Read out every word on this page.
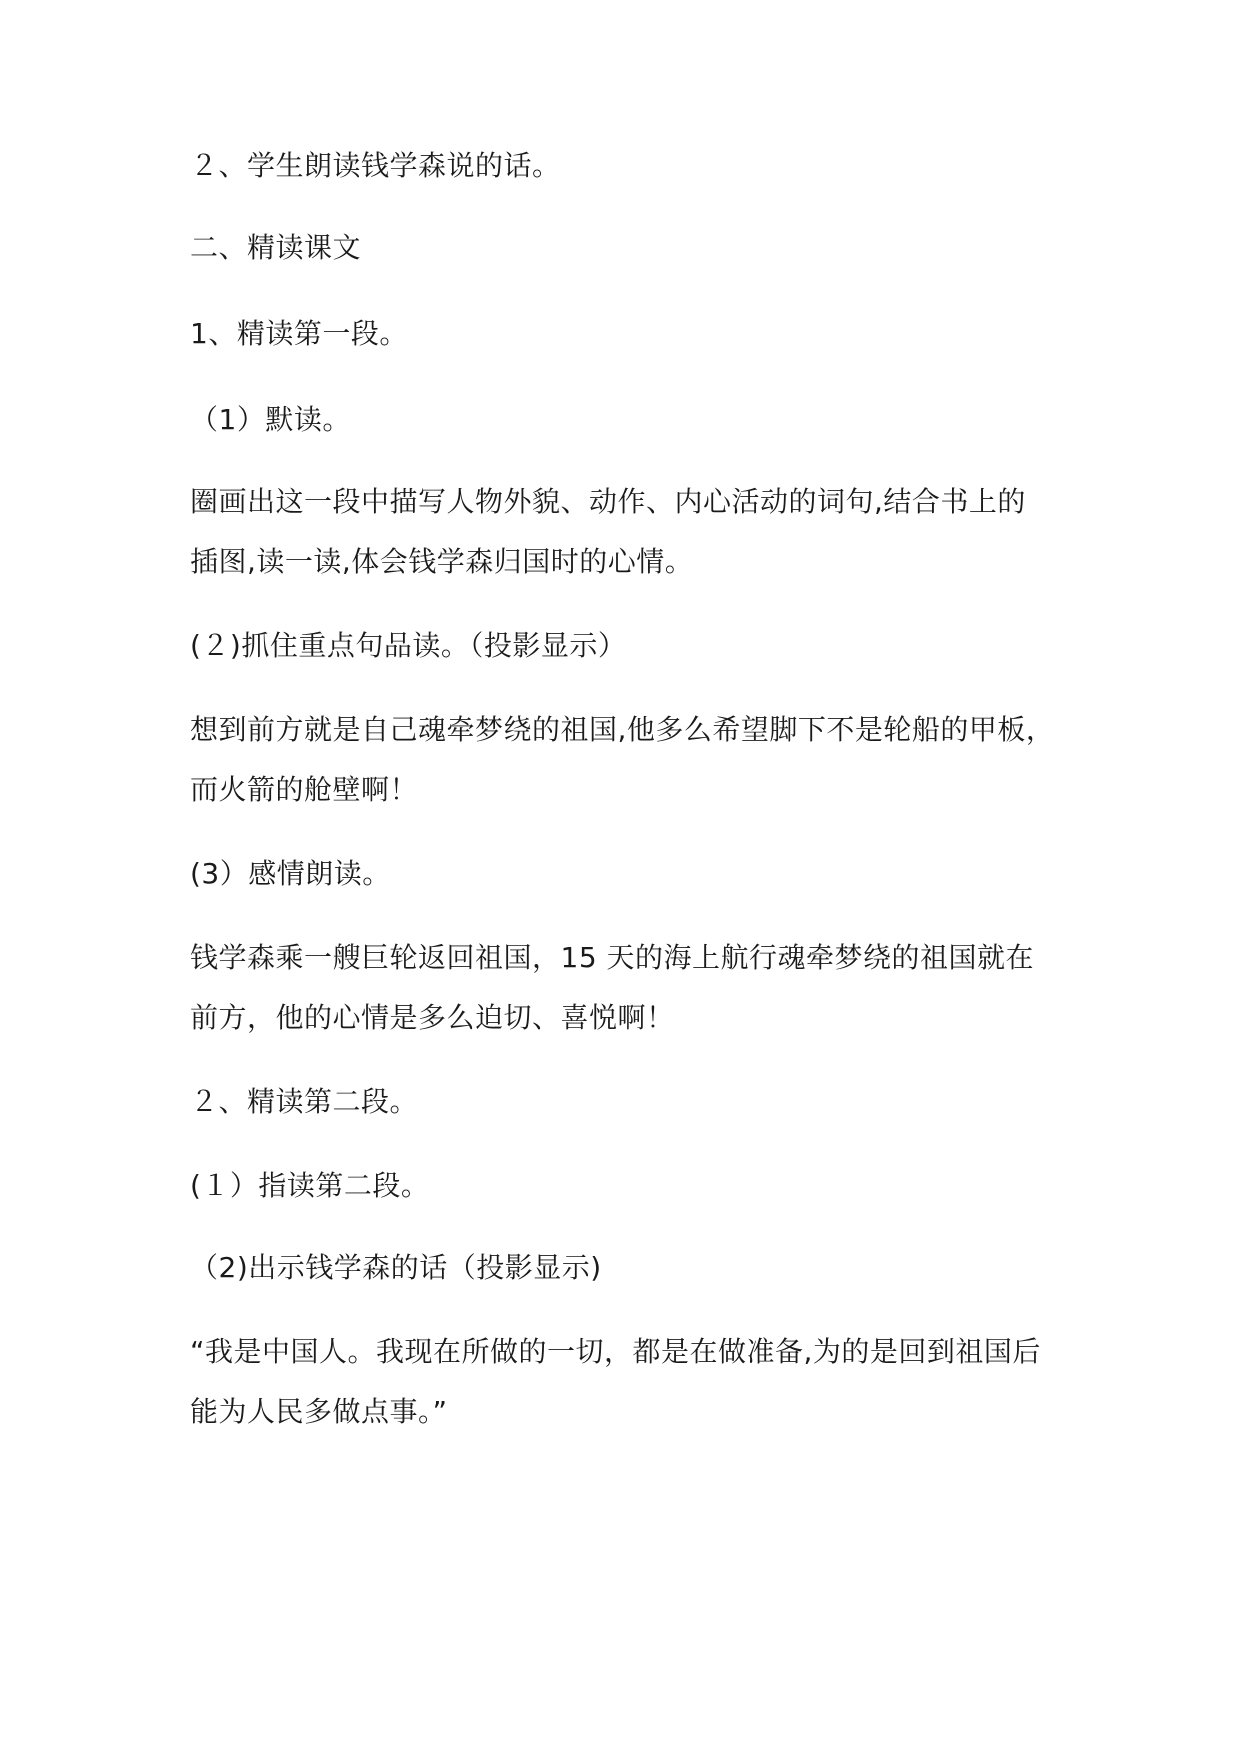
２、学生朗读钱学森说的话。
二、精读课文
1、精读第一段。
（1）默读。
圈画出这一段中描写人物外貌、动作、内心活动的词句,结合书上的
插图,读一读,体会钱学森归国时的心情。
(２)抓住重点句品读。（投影显示）
想到前方就是自己魂牵梦绕的祖国,他多么希望脚下不是轮船的甲板，
而火箭的舱壁啊！
(3）感情朗读。
钱学森乘一艘巨轮返回祖国，15 天的海上航行魂牵梦绕的祖国就在
前方，他的心情是多么迫切、喜悦啊！
２、精读第二段。
(１）指读第二段。
（2)出示钱学森的话（投影显示)
“我是中国人。我现在所做的一切，都是在做准备,为的是回到祖国后
能为人民多做点事。”
